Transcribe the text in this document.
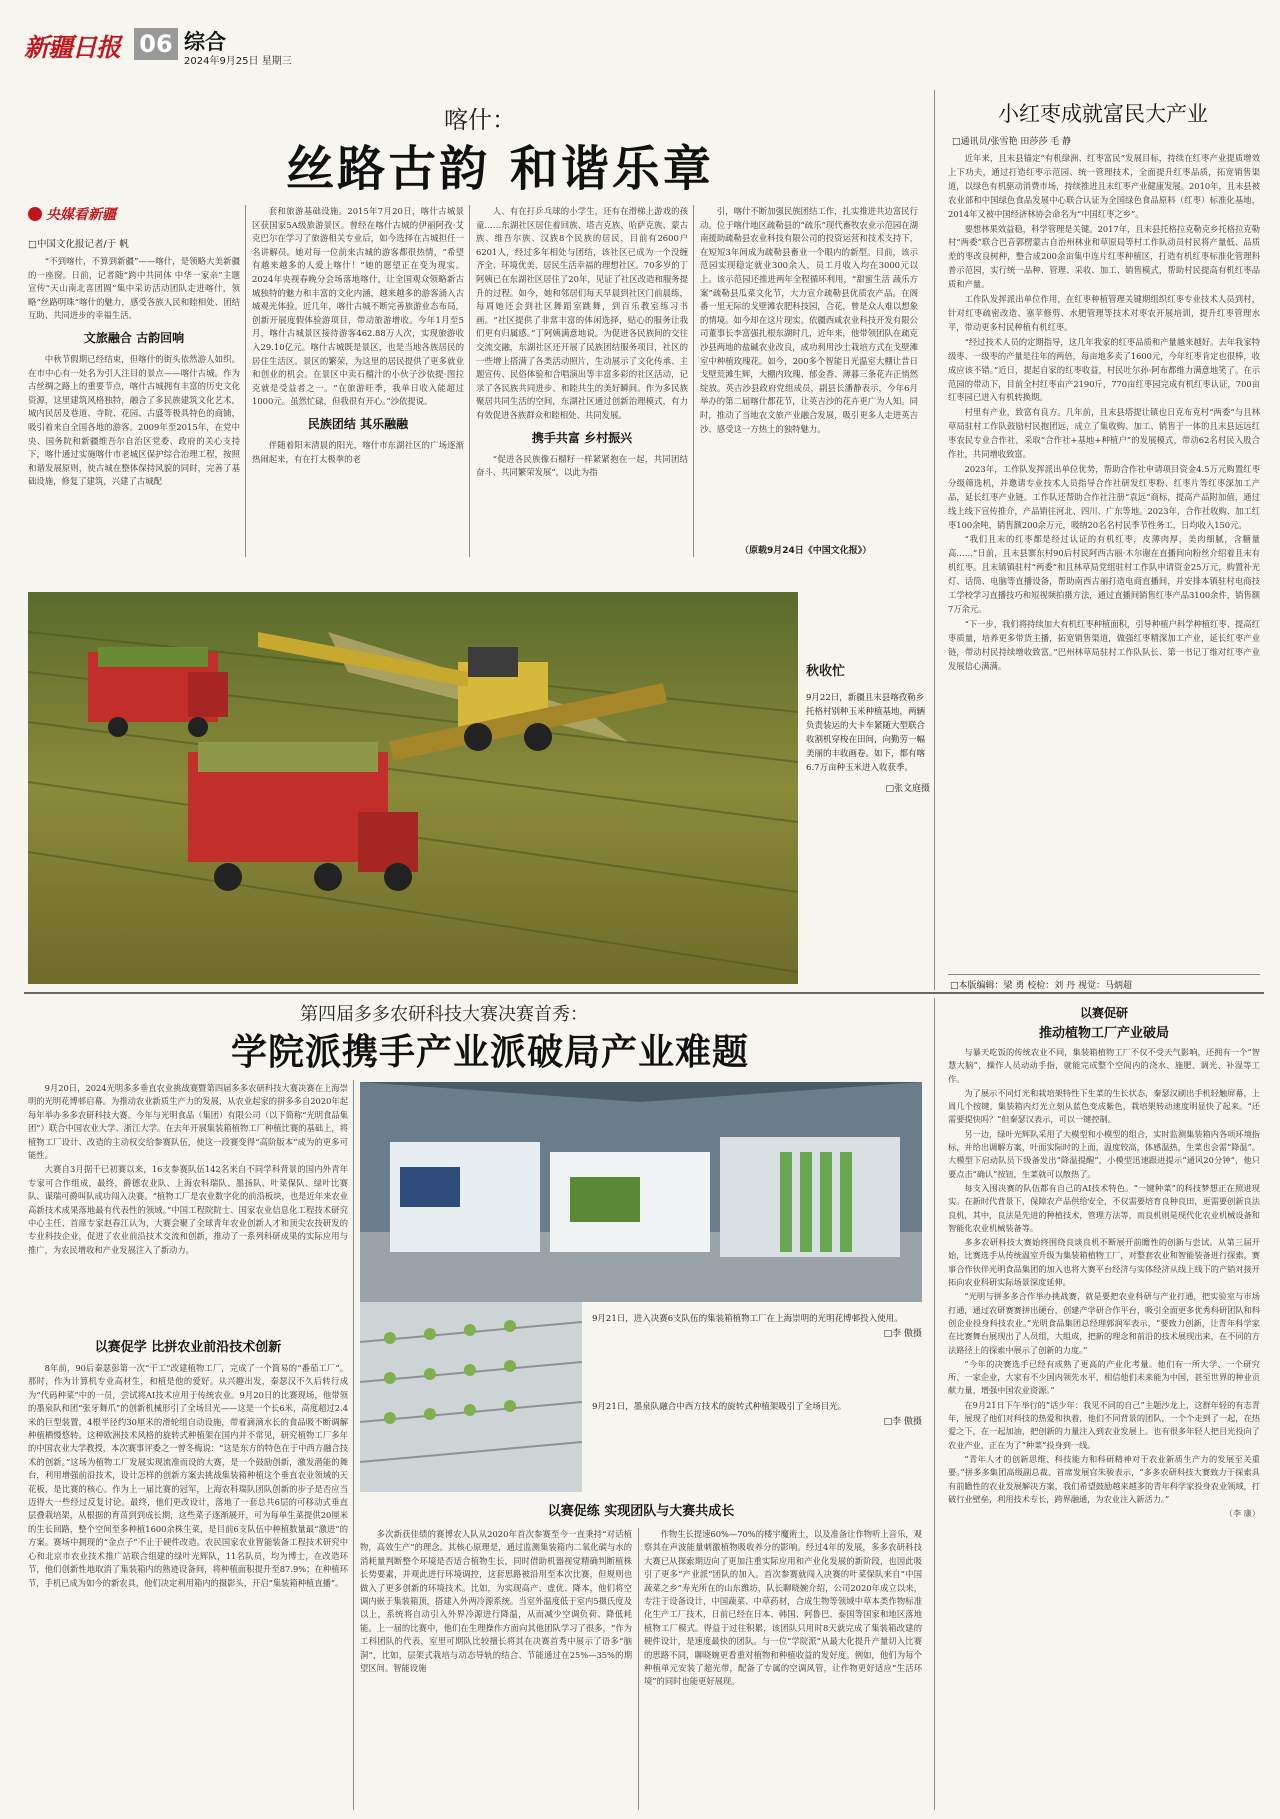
新疆日报 06 综合
2024年9月25日 星期三
喀什：
丝路古韵 和谐乐章
央媒看新疆
□中国文化报记者/于 帆

“不到喀什，不算到新疆”——喀什，是领略大美新疆的一座窗。日前，记者随“跨中共同体 中华一家亲”主题宣传“天山南北喜团圆”集中采访活动团队走进喀什，领略“丝路明珠”喀什的魅力，感受各族人民和睦相处、团结互助、共同进步的幸福生活。

文旅融合 古韵回响

中秋节假期已经结束，但喀什的街头依然游人如织。在市中心有一处名为引人注目的景点——喀什古城。作为古丝绸之路上的重要节点，喀什古城拥有丰富的历史文化资源，这里建筑风格独特，融合了多民族建筑文化艺术，城内民居及巷道、寺院、花园、古盛等极具特色的商铺，吸引着来自全国各地的游客。2009年至2015年，在党中央、国务院和新疆维吾尔自治区党委、政府的关心支持下，喀什通过实施喀什市老城区保护综合治理工程，按照和谐发展原则，使古城在整体保持风貌的同时，完善了基础设施，修复了建筑，兴建了古城配

套和旅游基础设施。2015年7月20日，喀什古城景区获国家5A级旅游景区。曾经在喀什古城的伊丽阿孜·艾克巴尔在学习了旅游相关专业后，如今选择在古城担任一名讲解员。她对每一位前来古城的游客都很热情，“希望有越来越多的人爱上喀什！”她的愿望正在变为现实。2024年央视春晚分会场落地喀什，让全国观众领略新古城独特的魅力和丰富的文化内涵，越来越多的游客涌入古城观光体验。近几年，喀什古城不断完善旅游业态布局，创新开展度假体验游项目，带动旅游增收。今年1月至5月，喀什古城景区接待游客462.88万人次，实现旅游收入29.10亿元。喀什古城既是景区，也是当地各族居民的居住生活区。景区的繁荣，为这里的居民提供了更多就业和创业的机会。在景区中卖石榴汁的小伙子沙依提·图拉克就是受益者之一。“在旅游旺季，我单日收入能超过1000元。虽然忙碌，但我很有开心。”沙依提说。

民族团结 其乐融融

伴随着阳末清晨的阳光，喀什市东湖社区的广场逐渐热闹起来，有在打太极拳的老

人、有在打乒乓球的小学生，还有在滑梯上游戏的孩童……东湖社区居住着回族、塔吉克族、哈萨克族、蒙古族、维吾尔族、汉族8个民族的居民，目前有2600户6201人，经过多年相处与团结，该社区已成为一个没缠齐全、环境优美、居民生活幸福的理想社区。70多岁的丁阿姨已在东湖社区居住了20年，见证了社区改造和服务提升的过程。如今，她和邻居们每天早晨到社区门前晨练，每周她还会到社区舞蹈室跳舞，到百乐教室练习书画。“社区提供了非常丰富的体闲选择，贴心的服务让我们更有归属感。”丁阿姨满意地说。为促进各民族间的交往交流交融，东湖社区还开展了民族团结服务项目，社区的一些增上搭满了各类活动照片，生动展示了文化传承、主题宣传、民俗体验和合唱演出等丰富多彩的社区活动，记录了各民族共同进步、和睦共生的美好瞬间。作为多民族聚居共同生活的空间，东湖社区通过创新治理模式，有力有效促进各族群众和睦相处、共同发展。

携手共富 乡村振兴

“促进各民族像石榴籽一样紧紧抱在一起，共同团结奋斗、共同繁荣发展”，以此为指

引，喀什不断加强民族团结工作，扎实推进共边富民行动。位于喀什地区疏勒县的“疏乐”现代畜牧农业示范园在湖南援助疏勒县农业科技有限公司的投资运营和技术支持下，在短短3年间成为疏勒县畜业一个眼内的新型。目前，该示范园实现稳定就业300余人，员工月收入均在3000元以上。该示范园还推进两年全程循环利用，“甜蜜生活 蔬乐方案”疏勒县瓜菜文化节，大力宣介疏勒县优质农产品。在阁番一里无际的戈壁滩农肥科技园，合花，曾是众人难以想象的情境。如今却在这片现实。依疆西咸农业科技开发有限公司董事长李富强扎根东湖时几，近年来，他带领团队在疏克沙县两地的盐碱农业改良，成功利用沙土栽培方式在戈壁滩室中种植玫瑰花。如今，200多个智能日光温室大棚让昔日戈壁荒滩生辉，大棚内玫瑰、郁金香、薄暮三条花卉正悄然绽放。英吉沙县政府党组成员，副县长潘静表示，今年6月举办的第二届喀什都花节，让英吉沙的花卉更广为人知。同时，推动了当地农文旅产业融合发展，吸引更多人走进英吉沙、感受这一方热土的独特魅力。

（原载9月24日《中国文化报》）
小红枣成就富民大产业
□通讯员/张雪艳 田莎莎 毛 静

近年来，且末县锚定“有机绿洲、红枣富民”发展目标，持续在红枣产业提质增效上下功夫，通过打造红枣示范园、统一管理技术，全面提升红枣品质，拓宽销售渠道，以绿色有机驱动消费市场，持续推进且末红枣产业健康发展。2010年，且末县被农业部和中国绿色食品发展中心联合认证为全国绿色食品原料（红枣）标准化基地，2014年又被中国经济林协会命名为“中国红枣之乡”。

要想林果效益稳，科学管理是关键。2017年，且末县托格拉克勒克乡托格拉克勒村“两委”联合巴音郭楞蒙古自治州林业和草原局等村工作队动员村民将产量低、品质差的枣改良树种，整合成200余亩集中连片红枣种植区，打造有机红枣标准化管理科普示范园，实行统一品种、管理、采收、加工、销售模式，帮助村民提高有机红枣品质和产量。

工作队发挥派出单位作用，在红枣种植管理关键期组织红枣专业技术人员到村，针对红枣疏密改造、塞苹修剪、水肥管理等技术对枣农开展培训，提升红枣管理水平，带动更多村民种植有机红枣。

“经过技术人员的定期指导，这几年我家的红枣品质和产量越来越好。去年我家特级枣、一级枣的产量是往年的两倍，每亩地多卖了1600元，今年红枣肯定也很棒，收成应该不错。”近日，提起自家的红枣收益，村民吐尔孙·阿布都维力满意地笑了。在示范园的带动下，目前全村红枣亩产2190斤，770亩红枣园完成有机红枣认证，700亩红枣园已进入有机转换期。

村里有产业，致富有良方。几年前，且末县塔提让镇也日克布克村“两委”与且林草局驻村工作队鼓励村民抱团远，成立了集收购、加工、销售于一体的且末县远远红枣农民专业合作社，采取“合作社+基地+种植户”的发展模式，带动62名村民入股合作社，共同增收致富。

2023年，工作队发挥派出单位优势，帮助合作社申请项目资金4.5万元购置红枣分级筛选机，并邀请专业技术人员指导合作社研发红枣粉、红枣片等红枣深加工产品，延长红枣产业链。工作队还帮助合作社注册“袁远”商标，提高产品附加值，通过线上线下宣传推介，产品销往河北、四川、广东等地。2023年，合作社收购、加工红枣100余吨，销售额200余万元，吸纳20名名村民季节性务工，日均收入150元。

“我们且末的红枣都是经过认证的有机红枣，皮薄肉厚，美肉细腻，含糖量高……”日前，且末县寨东村90后村民阿西古丽·木尔谢在直播间向粉丝介绍着且末有机红枣。且末镇镇驻村“两委”和且林草局党组驻村工作队申请资金25万元，购置补光灯、话筒、电脑等直播设备，帮助南西古丽打造电商直播间，并安排本镇驻村电商技工学校学习直播技巧和短视频拍摄方法，通过直播间销售红枣产品3100余件，销售额7万余元。

“下一步，我们将持续加大有机红枣种植面积，引导种植户科学种植红枣、提高红枣质量，培养更多带货主播，拓宽销售渠道，做强红枣精深加工产业，延长红枣产业链，带动村民持续增收致富。”巴州林草局驻村工作队队长、第一书记丁维对红枣产业发展信心满满。

□本版编辑：梁 勇 校检：刘 丹 视觉：马炳超
秋收忙
9月22日，新疆且末县喀孜勒乡托格村别种玉米种植基地，两辆负责装运的大卡车紧随大型联合收割机穿梭在田间，向勤劳一幅美丽的丰收画卷。如下，都有喀6.7万亩种玉米进入收获季。
□张文庭摄
第四届多多农研科技大赛决赛首秀：
学院派携手产业派破局产业难题

9月20日，2024光明多多垂直农业挑战赛暨第四届多多农研科技大赛决赛在上海崇明的光明花博邨启幕。为推动农业新质生产力的发展，从农业起家的拼多多自2020年起每年举办多多农研科技大赛。今年与光明食品（集团）有限公司（以下简称“光明食品集团”）联合中国农业大学、浙江大学。在去年开展集装箱植物工厂种植比赛的基础上，将植物工厂设计、改造的主动权交给参赛队伍，使这一段赛变得“高阶版本”成为的更多可能性。

大赛自3月据千已初赛以来，16支参赛队伍142名来自不同学科背景的国内外青年专家可合作组成，最终，爵德农业队、上海农科瑞队、墨扬队、叶菜保队、绿叶比赛队、谋瑞可爵叫队成功闯入决赛。“植物工厂是农业数字化的前沿板块，也是近年来农业高新技术成果落地最有代表性的领域。”中国工程院院士、国家农业信息化工程技术研究中心主任、首席专家赵春江认为，大赛会聚了全球青年农业创新人才和顶尖农技研发的专业科技企业，促进了农业前沿技术交流和创新，推动了一系列科研成果的实际应用与推广，为农民增收和产业发展注入了新动力。

以赛促学 比拼农业前沿技术创新

8年前，90后秦瑟彭第一次“干工”改建植物工厂，完成了一个简易的“番茄工厂”。那时，作为计算机专业高材生，和植是他的爱好。从兴趣出发，秦瑟汉不久后转行成为“代码种菜”中的一员，尝试将AI技术应用于传统农业。9月20日的比赛现场，他带领的墨泉队和团“张牙舞爪”的创新机械形引了全场目光——这是一个长6米，高度超过2.4米的巨型装置，4根半径约30厘米的滑轮组自动设施，带着滴滴水长的食品吸不断调解种植栖慢悠转。这种欧洲技术风格的旋转式种植架在国内并不常见，研究植物工厂多年的中国农业大学教授，本次赛事评委之一曾冬梅说：“这是东方的特色在于中西方融合技术的创新。”这场为植物工厂发展实现流准而设的大赛，是一个鼓励创新，激发潜能的舞台，利用增强前沿技术，设计怎样的创新方案去挑战集装箱种植这个垂直农业领域的天花板，是比赛的核心。作为上一届比赛的冠军，上海农科瑞队团队创新的步子是否应当迈得大一些经过反复讨论。最终，他们更改设计，落地了一套总共6层的可移动式垂直层叠栽培架，从根据的育苗到到成长期，这些菜子逐渐展开，可为每单生菜提供20厘米的生长回路，整个空间至多种植1600余株生菜，是目前6支队伍中种植数量最“激进”的方案。赛场中拥现的“金点子”不止于硬件改造。农民国家农业智能装备工程技术研究中心和北京市农业技术推广站联合组建的绿叶光辉队，11名队员，均为博士，在改造环节，他们创新性地取消了集装箱内的熟迹设备间，将种植面积提升至87.9%；在种植环节，手机已成为如今的新农具，他们决定利用箱内的摄影头，开启“集装箱种植直播”。

9月21日，进入决赛6支队伍的集装箱植物工厂在上海崇明的光明花博邨投入使用。
□李 傲摄
9月21日，墨泉队融合中西方技术的旋转式种植架吸引了全场目光。
□李 傲摄
以赛促练 实现团队与大赛共成长

多次新获佳绩的赛博农人队从2020年首次参赛至今一直秉持“对话植物，高效生产”的理念。其核心原理是，通过监测集装箱内二氧化碳与水的消耗量判断整个环境是否适合植物生长，同时借助机器视觉精确判断植株长势要素，并观此进行环境调控，这套思路被沿用至本次比赛，但规则也做入了更多创新的环境技术。比如，为实现高产、虚优、降本，他们将空调内嵌于集装箱顶，搭建入外两冷源系统。当室外温度低于室内5摄氏度及以上，系统将自动引入外界冷源进行降温，从而减少空调负荷、降低耗能。上一届的比赛中，他们在生理操作方面向其他团队学习了很多，“作为工科团队的代表，室里可期队比较擅长将其在决赛首秀中展示了语多“脑洞”，比如，层架式栽培与动态导轨的结合、节能通过在25%—35%的期望区间。智能设施

作物生长提速60%—70%的楼宇魔術土，以及准备让作物听上音乐，观察其在声波能量刺激植物吸收养分的影响。经过4年的发展，多多农研科技大赛已从探索期迈向了更加注重实际应用和产业化发展的新阶段，也因此吸引了更多“产业派”团队的加入。首次参赛就闯入决赛的叶菜保队来自“中国蔬菜之乡”寿光所在的山东潍坊，队长聊晓婉介绍，公司2020年成立以来，专注于设备设计，中国蔬菜、中草药材，合成生物等领域中草本类作物标准化生产工厂技术，日前已经在日本、韩国、阿鲁巴、泰国等国家和地区落地植物工厂模式。得益于过往积累，该团队只用时8天就完成了集装箱改建的硬件设计，是速度最快的团队。与一位“学院派”从最大化提升产量切入比赛的思路不同，聊晓婉更看重对植物和种植收益的发好度。例如，他们为每个种植单元安装了超光带，配备了专属的空调风管，让作物更好适应“生活环境”的同时也能更好展现。

以赛促研
推动植物工厂产业破局

与暴天吃饭的传统农业不同，集装箱植物工厂不仅不受天气影响，还拥有一个“智慧大脑”，操作人员动动手指，就能完成整个空间内的浇水、施肥、调光、补湿等工作。

为了展示不同灯光和栽培架特性下生菜的生长状态，秦瑟汉刷出手机轻触屏幕，上周几个按键，集装箱内灯光立刻从蓝色变成紫色，栽培架转动速度明显快了起来。“还需要提快吗？”但秦瑟汉表示，可以一键控制。

另一边，绿叶光辉队采用了大模型和小模型的组合，实时监测集装箱内各项环境指标，并给出调解方案，叶面实际时的上面，温度较高，体感温热，生菜也会需“降温”。大模型下启动队员下级备发出“降温提醒”，小模型迅速跟进提示“通风20分钟”，他只要点击“确认”按钮，生菜就可以散热了。

每支入围决赛的队伍都有自己的AI技术特色。“一键种菜”的科技梦想正在照进现实。在新时代背景下，保障农产品供给安全，不仅需要培育良种良田，更需要创新良法良机，其中，良法是先进的种植技术，管理方法等，而良机则是现代化农业机械设备和智能化农业机械装备等。

多多农研科技大赛始终围绕良谈良机不断展开前瞻性的创新与尝试。从第三届开始，比赛选手从传统温室升级为集装箱植物工厂，对整套农业和智能装备进行探索，赛事合作伙伴光明食品集团的加入也将大赛平台经济与实体经济从线上线下的产销对接开拓向农业科研实际场景深度延伸。

“光明与拼多多合作举办挑战赛，就是要把农业科研与产业打通，把实验室与市场打通，通过农研赛赛拼出硬台，创建产学研合作平台，吸引全面更多优秀科研团队和科创企业投身科技农业。”光明食品集团总经理郭润军表示，“要致力创新，让青年科学家在比赛舞台展现出了人员组，大组成，把新的理念和前沿的技术展现出来，在不同的方法路径上的探索中展示了创新的力度。”

“今年的决赛选手已经有成熟了更高的产业化考量。他们有一所大学、一个研究所、一家企业，大家有不少国内领先水平，相信他们未来能为中国，甚至世界的种业贡献力量，增强中国农业资源。”

在9月21日下午举行的“话少年：我见不同的自己”主题沙龙上，这群年轻的有志青年，展现了他们对科技的热爱和执着，他们不同背景的团队，一个个走到了一起，在热爱之下，在一起加油，把创新的力量注入到农业发展上。也有很多年轻人把目光投向了农业产业，正在为了“种菜”投身到一线。

“青年人才的创新思维、科技能力和科研精神对于农业新质生产力的发展至关重要。”拼多多集团高级副总裁、首席发展官朱骏表示，“多多农研科技大赛致力于探索具有前瞻性的农业发展解决方案，我们希望鼓励越来越多的青年科学家投身农业领域，打破行业壁垒，利用技术专长，跨界融通，为农业注入新活力。”

（李 康）
